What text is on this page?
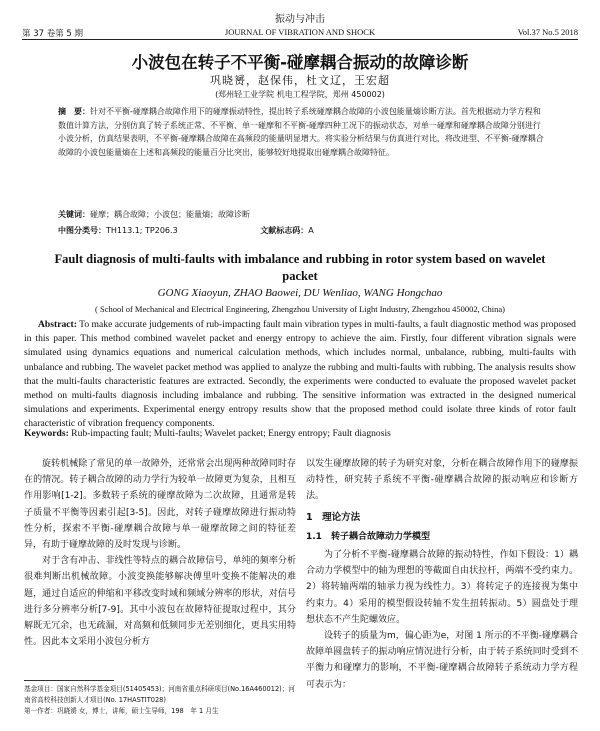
振动与冲击
第 37 卷第 5 期	JOURNAL OF VIBRATION AND SHOCK	Vol.37 No.5 2018
小波包在转子不平衡-碰摩耦合振动的故障诊断
巩晓赟，赵保伟，杜文辽，王宏超
(郑州轻工业学院 机电工程学院，郑州 450002)
摘　要：针对不平衡-碰摩耦合故障作用下的碰摩振动特性，提出转子系统碰摩耦合故障的小波包能量熵诊断方法。首先根据动力学方程和数值计算方法，分别仿真了转子系统正常、不平衡、单一碰摩和不平衡-碰摩四种工况下的振动状态，对单一碰摩和碰摩耦合故障分别进行小波分析，仿真结果表明，不平衡-碰摩耦合故障在高频段的能量明显增大。将实验分析结果与仿真进行对比，将改进型、不平衡-碰摩耦合故障的小波包能量熵在上述和高频段的能量百分比突出，能够较好地提取出碰摩耦合故障特征。
关键词：碰摩；耦合故障；小波包；能量熵；故障诊断
中图分类号：TH113.1; TP206.3	文献标志码：A
Fault diagnosis of multi-faults with imbalance and rubbing in rotor system based on wavelet packet
GONG Xiaoyun, ZHAO Baowei, DU Wenliao, WANG Hongchao
( School of Mechanical and Electrical Engineering, Zhengzhou University of Light Industry, Zhengzhou 450002, China)
Abstract: To make accurate judgements of rub-impacting fault main vibration types in multi-faults, a fault diagnostic method was proposed in this paper. This method combined wavelet packet and energy entropy to achieve the aim. Firstly, four different vibration signals were simulated using dynamics equations and numerical calculation methods, which includes normal, unbalance, rubbing, multi-faults with unbalance and rubbing. The wavelet packet method was applied to analyze the rubbing and multi-faults with rubbing. The analysis results show that the multi-faults characteristic features are extracted. Secondly, the experiments were conducted to evaluate the proposed wavelet packet method on multi-faults diagnosis including imbalance and rubbing. The sensitive information was extracted in the designed numerical simulations and experiments. Experimental energy entropy results show that the proposed method could isolate three kinds of rotor fault characteristic of vibration frequency components.
Keywords: Rub-impacting fault; Multi-faults; Wavelet packet; Energy entropy; Fault diagnosis

旋转机械除了常见的单一故障外，还常常会出现两种故障同时存在的情况。转子耦合故障的动力学行为较单一故障更为复杂，且相互作用影响[1-2]。多数转子系统的碰摩故障为二次故障，且通常是转子质量不平衡等因素引起[3-5]。因此，对转子碰摩故障进行振动特性分析，探索不平衡-碰摩耦合故障与单一碰摩故障之间的特征差异，有助于碰摩故障的及时发现与诊断。

对于含有冲击、非线性等特点的耦合故障信号，单纯的频率分析很难判断出机械故障。小波变换能够解决傅里叶变换不能解决的难题，通过自适应的伸缩和平移改变时域和频域分辨率的形状，对信号进行多分辨率分析[7-9]。其中小波包在故障特征提取过程中，其分解既无冗余，也无疏漏，对高频和低频同步无差别细化，更具实用特性。因此本文采用小波包分析方

以发生碰摩故障的转子为研究对象，分析在耦合故障作用下的碰摩振动特性，研究转子系统不平衡-碰摩耦合故障的振动响应和诊断方法。

1　理论方法

1.1　转子耦合故障动力学模型

为了分析不平衡-碰摩耦合故障的振动特性，作如下假设：1）耦合动力学模型中的轴为理想的等截面自由状拉杆，两端不受约束力。2）将转轴两端的轴承力视为线性力。3）将转定子的连接视为集中约束力。4）采用的模型假设转轴不发生扭转振动。5）圆盘处于理想状态不产生陀螺效应。

设转子的质量为m，偏心距为e，对图 1 所示的不平衡-碰摩耦合故障单圆盘转子的振动响应情况进行分析，由于转子系统同时受到不平衡力和碰摩力的影响，不平衡-碰摩耦合故障转子系统动力学方程可表示为：

基金项目：国家自然科学基金项目(51405453)；河南省重点科研项目(No.16A460012)；河南省高校科技创新人才项目(No. 17HASTIT028)
第一作者：巩晓赟 女，博士，讲师，硕士生导师，198　年 1 月生
